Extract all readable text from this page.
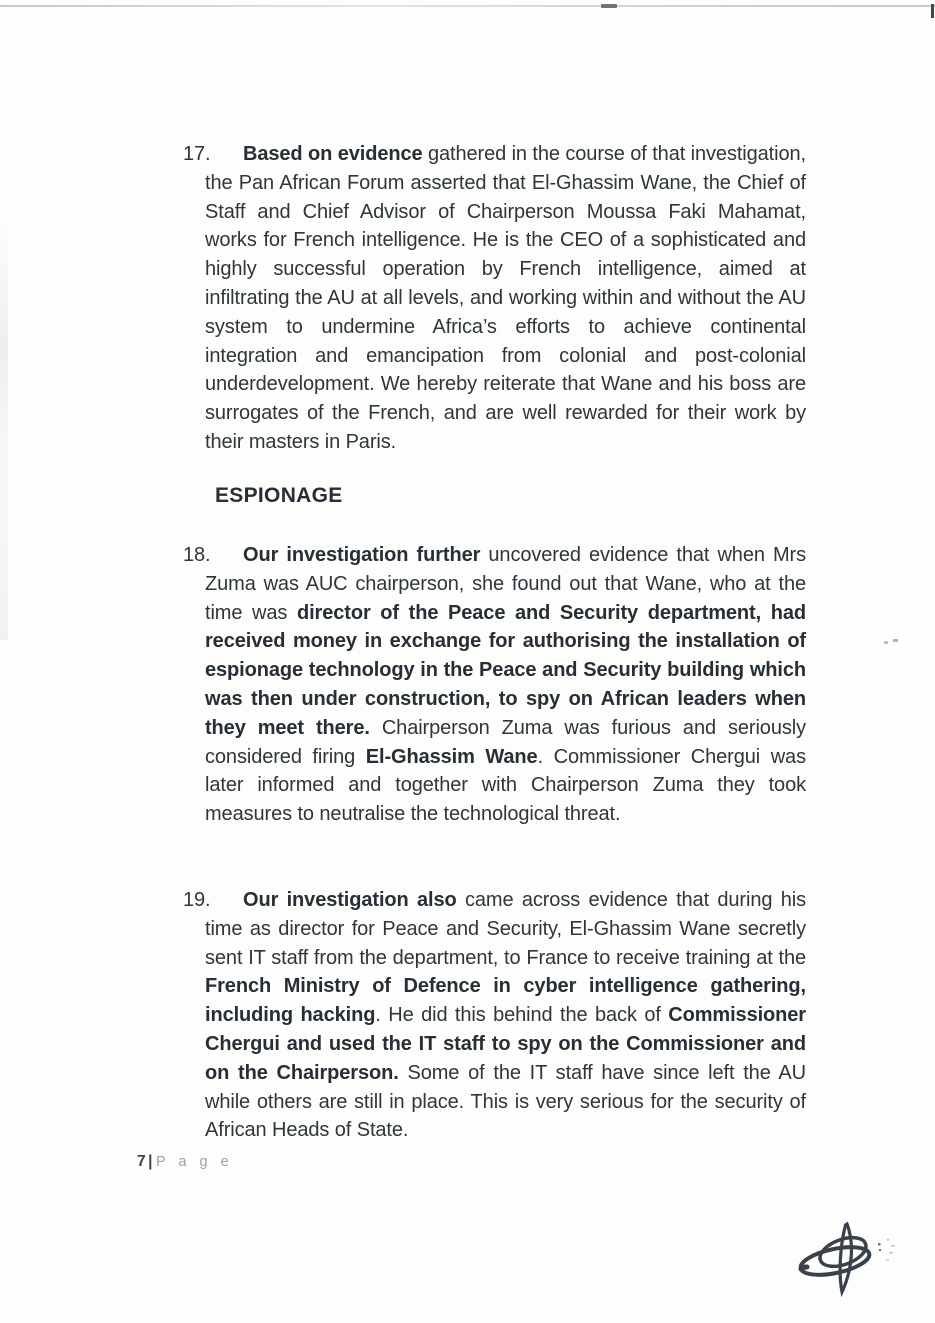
17. Based on evidence gathered in the course of that investigation, the Pan African Forum asserted that El-Ghassim Wane, the Chief of Staff and Chief Advisor of Chairperson Moussa Faki Mahamat, works for French intelligence. He is the CEO of a sophisticated and highly successful operation by French intelligence, aimed at infiltrating the AU at all levels, and working within and without the AU system to undermine Africa’s efforts to achieve continental integration and emancipation from colonial and post-colonial underdevelopment. We hereby reiterate that Wane and his boss are surrogates of the French, and are well rewarded for their work by their masters in Paris.
ESPIONAGE
18. Our investigation further uncovered evidence that when Mrs Zuma was AUC chairperson, she found out that Wane, who at the time was director of the Peace and Security department, had received money in exchange for authorising the installation of espionage technology in the Peace and Security building which was then under construction, to spy on African leaders when they meet there. Chairperson Zuma was furious and seriously considered firing El-Ghassim Wane. Commissioner Chergui was later informed and together with Chairperson Zuma they took measures to neutralise the technological threat.
19. Our investigation also came across evidence that during his time as director for Peace and Security, El-Ghassim Wane secretly sent IT staff from the department, to France to receive training at the French Ministry of Defence in cyber intelligence gathering, including hacking. He did this behind the back of Commissioner Chergui and used the IT staff to spy on the Commissioner and on the Chairperson. Some of the IT staff have since left the AU while others are still in place. This is very serious for the security of African Heads of State.
7 | P a g e
